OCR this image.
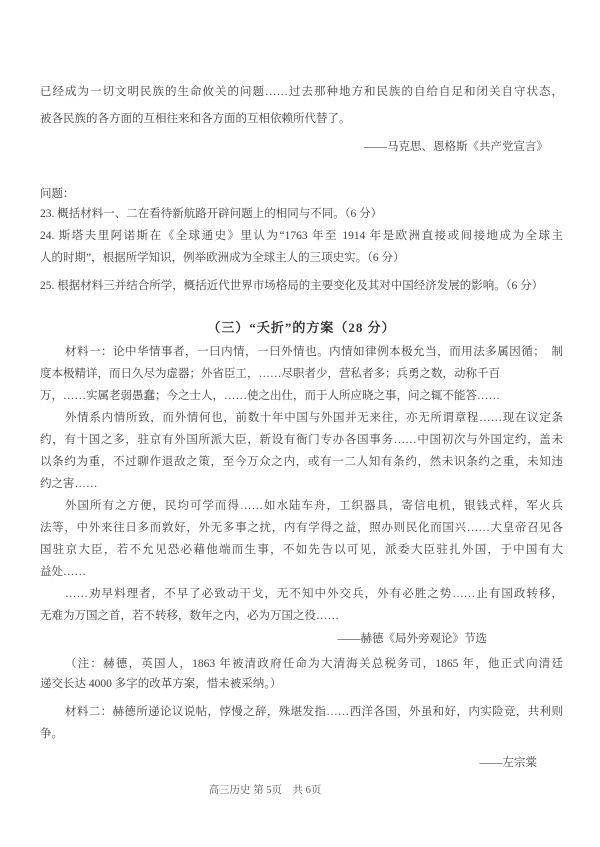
已经成为一切文明民族的生命攸关的问题……过去那种地方和民族的自给自足和闭关自守状态，
被各民族的各方面的互相往来和各方面的互相依赖所代替了。
——马克思、恩格斯《共产党宣言》
问题：
23. 概括材料一、二在看待新航路开辟问题上的相同与不同。（6 分）
24. 斯塔夫里阿诺斯在《全球通史》里认为“1763 年至 1914 年是欧洲直接或间接地成为全球主
人的时期”，根据所学知识，例举欧洲成为全球主人的三项史实。（6 分）
25. 根据材料三并结合所学，概括近代世界市场格局的主要变化及其对中国经济发展的影响。（6 分）
（三）“夭折”的方案（28 分）
材料一：论中华情事者，一曰内情，一曰外情也。内情如律例本极允当，而用法多属因循；　制
度本极精详，而日久尽为虚器；外省臣工，……尽职者少，营私者多；兵勇之数，动称千百
万，……实属老弱愚蠢；今之士人，……使之出仕，而于人所应晓之事，问之辄不能答……
外情系内情所致，而外情何也，前数十年中国与外国并无来往，亦无所谓章程……现在议定条
约，有十国之多，驻京有外国所派大臣，新设有衙门专办各国事务……中国初次与外国定约，盖未
以条约为重，不过聊作退敌之策，至今万众之内，或有一二人知有条约，然未识条约之重，未知违
约之害……
外国所有之方便，民均可学而得……如水陆车舟，工织器具，寄信电机，银钱式样，军火兵
法等，中外来往日多而敦好，外无多事之扰，内有学得之益，照办则民化而国兴……大皇帝召见各
国驻京大臣，若不允见恐必藉他端而生事，不如先告以可见，派委大臣驻扎外国，于中国有大
益处……
……劝早料理者，不早了必致动干戈，无不知中外交兵，外有必胜之势……止有国政转移，
无难为万国之首，若不转移，数年之内，必为万国之役……
——赫德《局外旁观论》节选
（注：赫德，英国人，1863 年被清政府任命为大清海关总税务司，1865 年，他正式向清廷
递交长达 4000 多字的改革方案，惜未被采纳。）
材料二：赫德所递论议说帖，悖慢之辞，殊堪发指……西洋各国，外虽和好，内实险竞，共利则
争。
——左宗棠
高三历史 第 5页　共 6页
